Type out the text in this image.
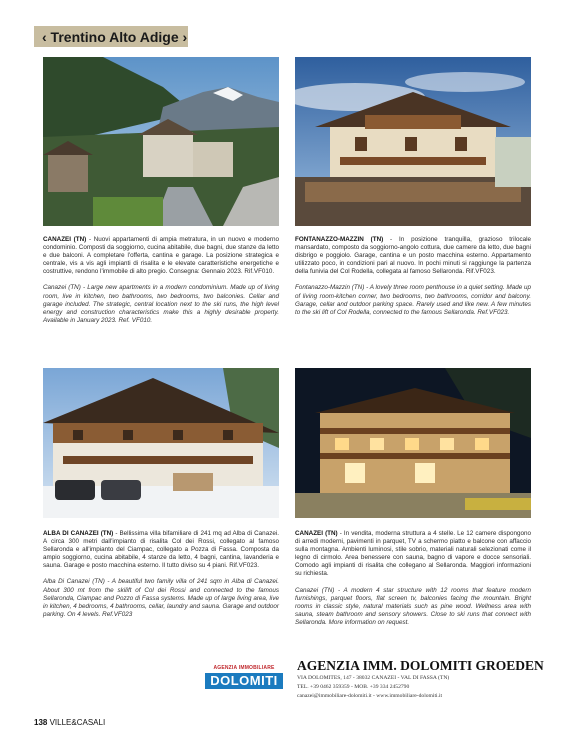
‹ Trentino Alto Adige ›

CANAZEI (TN) - Nuovi appartamenti di ampia metratura, in un nuovo e moderno condominio. Composti da soggiorno, cucina abitabile, due bagni, due stanze da letto e due balconi. A completare l'offerta, cantina e garage. La posizione strategica e centrale, vis a vis agli impianti di risalita e le elevate caratteristiche energetiche e costruttive, rendono l'immobile di alto pregio. Consegna: Gennaio 2023. Rif.VF010.

Canazei (TN) - Large new apartments in a modern condominium. Made up of living room, live in kitchen, two bathrooms, two bedrooms, two balconies. Cellar and garage included. The strategic, central location next to the ski runs, the high level energy and construction characteristics make this a highly desirable property. Available in January 2023. Ref. VF010.

FONTANAZZO-MAZZIN (TN) - In posizione tranquilla, grazioso trilocale mansardato, composto da soggiorno-angolo cottura, due camere da letto, due bagni disbrigo e poggiolo. Garage, cantina e un posto macchina esterno. Appartamento utilizzato poco, in condizioni pari al nuovo. In pochi minuti si raggiunge la partenza della funivia del Col Rodella, collegata al famoso Sellaronda. Rif.VF023.

Fontanazzo-Mazzin (TN) - A lovely three room penthouse in a quiet setting. Made up of living room-kitchen corner, two bedrooms, two bathrooms, corridor and balcony. Garage, cellar and outdoor parking space. Rarely used and like new. A few minutes to the ski lift of Col Rodella, connected to the famous Sellaronda. Ref.VF023.

ALBA DI CANAZEI (TN) - Bellissima villa bifamiliare di 241 mq ad Alba di Canazei. A circa 300 metri dall'impianto di risalita Col dei Rossi, collegato al famoso Sellaronda e all'impianto del Ciampac, collegato a Pozza di Fassa. Composta da ampio soggiorno, cucina abitabile, 4 stanze da letto, 4 bagni, cantina, lavanderia e sauna. Garage e posto macchina esterno. Il tutto diviso su 4 piani. Rif.VF023.

Alba Di Canazei (TN) - A beautiful two family villa of 241 sqm in Alba di Canazei. About 300 mt from the skilift of Col dei Rossi and connected to the famous Sellaronda, Ciampac and Pozzo di Fassa systems. Made up of large living area, live in kitchen, 4 bedrooms, 4 bathrooms, cellar, laundry and sauna. Garage and outdoor parking. On 4 levels. Ref.VF023

CANAZEI (TN) - In vendita, moderna struttura a 4 stelle. Le 12 camere dispongono di arredi moderni, pavimenti in parquet, TV a schermo piatto e balcone con affaccio sulla montagna. Ambienti luminosi, stile sobrio, materiali naturali selezionati come il legno di cirmolo. Area benessere con sauna, bagno di vapore e docce sensoriali. Comodo agli impianti di risalita che collegano al Sellaronda. Maggiori informazioni su richiesta.

Canazei (TN) - A modern 4 star structure with 12 rooms that feature modern furnishings, parquet floors, flat screen tv, balconies facing the mountain. Bright rooms in classic style, natural materials such as pine wood. Wellness area with sauna, steam bathroom and sensory showers. Close to ski runs that connect with Sellaronda. More information on request.

AGENZIA IMMOBILIARE
DOLOMITI
AGENZIA IMM. DOLOMITI GROEDEN
VIA DOLOMITES, 147 - 38032 CANAZEI - VAL DI FASSA (TN)
TEL. +39 0462 359359 - MOB. +39 334 2452790
canazei@immobiliare-dolomiti.it - www.immobiliare-dolomiti.it
138 VILLE&CASALI
